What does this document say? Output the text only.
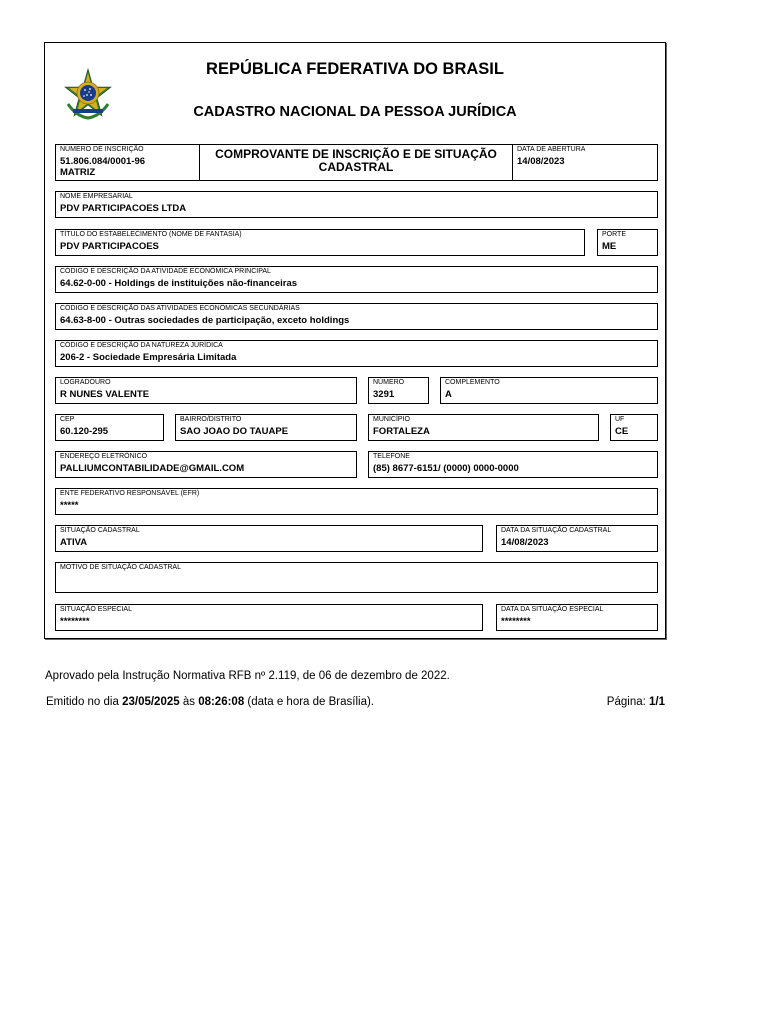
REPÚBLICA FEDERATIVA DO BRASIL
CADASTRO NACIONAL DA PESSOA JURÍDICA
NÚMERO DE INSCRIÇÃO
51.806.084/0001-96
MATRIZ
COMPROVANTE DE INSCRIÇÃO E DE SITUAÇÃO CADASTRAL
DATA DE ABERTURA
14/08/2023
NOME EMPRESARIAL
PDV PARTICIPACOES LTDA
TÍTULO DO ESTABELECIMENTO (NOME DE FANTASIA)
PDV PARTICIPACOES
PORTE
ME
CÓDIGO E DESCRIÇÃO DA ATIVIDADE ECONÔMICA PRINCIPAL
64.62-0-00 - Holdings de instituições não-financeiras
CÓDIGO E DESCRIÇÃO DAS ATIVIDADES ECONÔMICAS SECUNDÁRIAS
64.63-8-00 - Outras sociedades de participação, exceto holdings
CÓDIGO E DESCRIÇÃO DA NATUREZA JURÍDICA
206-2 - Sociedade Empresária Limitada
LOGRADOURO
R NUNES VALENTE
NÚMERO
3291
COMPLEMENTO
A
CEP
60.120-295
BAIRRO/DISTRITO
SAO JOAO DO TAUAPE
MUNICÍPIO
FORTALEZA
UF
CE
ENDEREÇO ELETRÔNICO
PALLIUMCONTABILIDADE@GMAIL.COM
TELEFONE
(85) 8677-6151/ (0000) 0000-0000
ENTE FEDERATIVO RESPONSÁVEL (EFR)
*****
SITUAÇÃO CADASTRAL
ATIVA
DATA DA SITUAÇÃO CADASTRAL
14/08/2023
MOTIVO DE SITUAÇÃO CADASTRAL
SITUAÇÃO ESPECIAL
********
DATA DA SITUAÇÃO ESPECIAL
********
Aprovado pela Instrução Normativa RFB nº 2.119, de 06 de dezembro de 2022.
Emitido no dia 23/05/2025 às 08:26:08 (data e hora de Brasília).	Página: 1/1
